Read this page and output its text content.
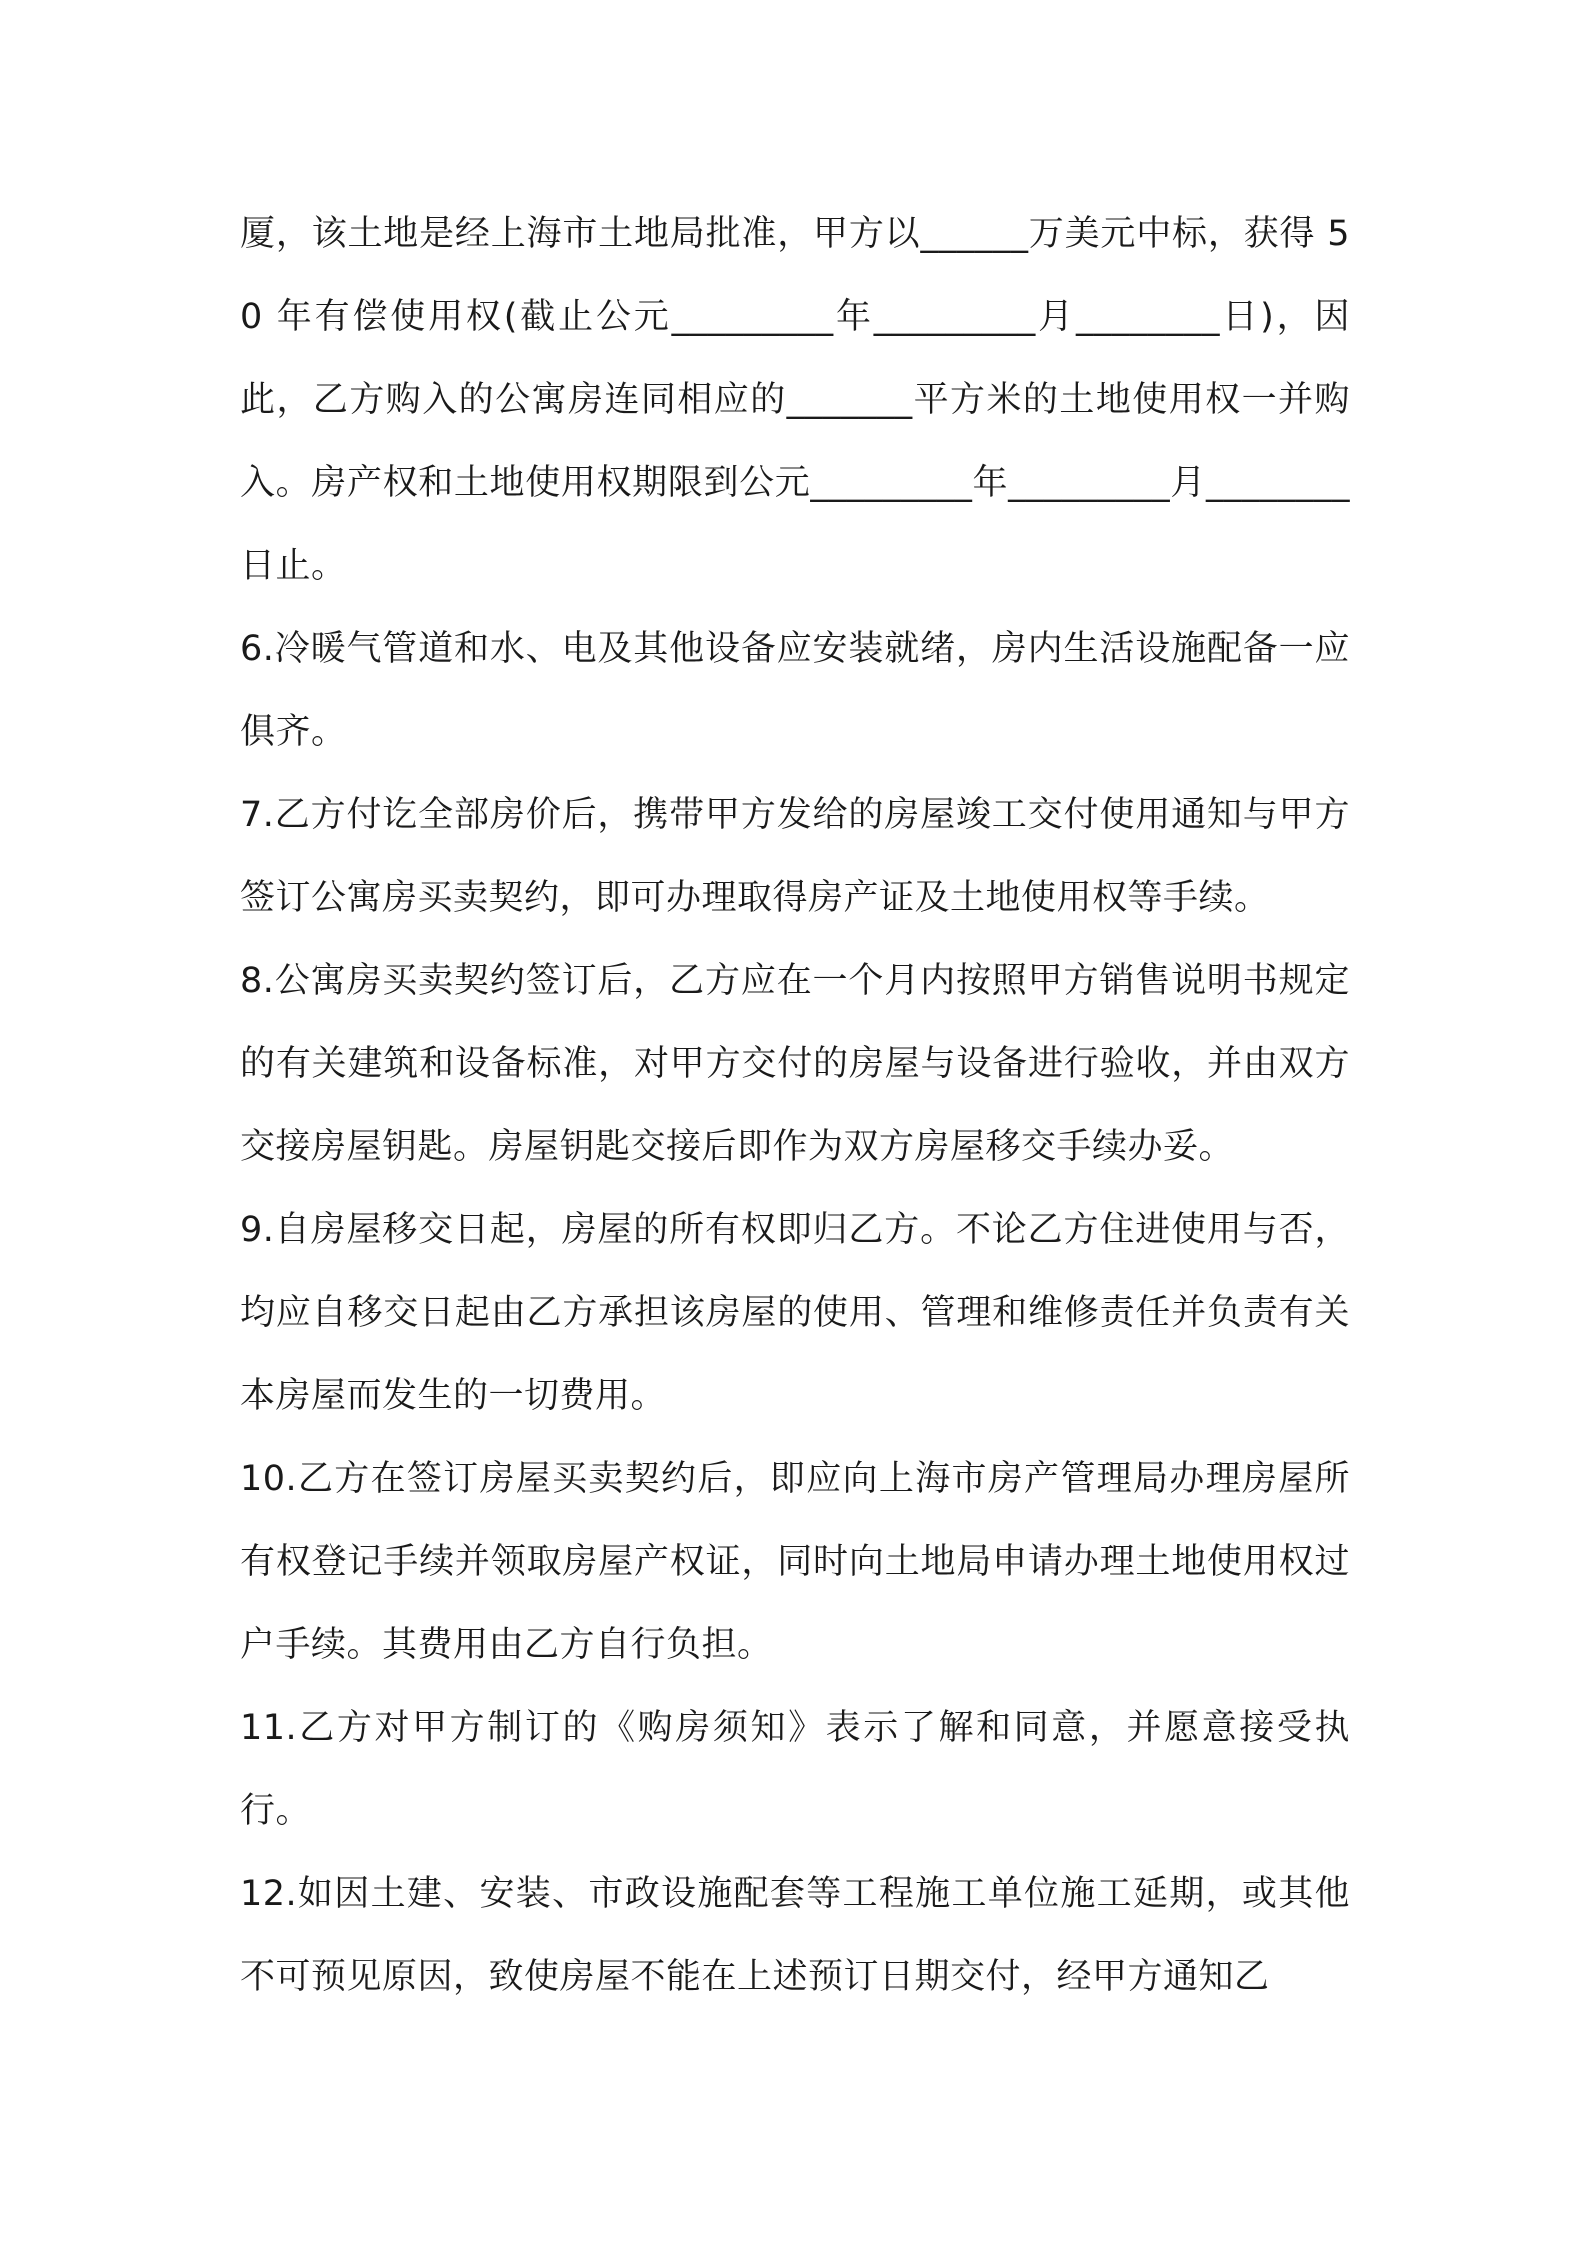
厦，该土地是经上海市土地局批准，甲方以______万美元中标，获得 50 年有偿使用权(截止公元_________年_________月________日)，因此，乙方购入的公寓房连同相应的_______平方米的土地使用权一并购入。房产权和土地使用权期限到公元_________年_________月________日止。

6.冷暖气管道和水、电及其他设备应安装就绪，房内生活设施配备一应俱齐。

7.乙方付讫全部房价后，携带甲方发给的房屋竣工交付使用通知与甲方签订公寓房买卖契约，即可办理取得房产证及土地使用权等手续。

8.公寓房买卖契约签订后，乙方应在一个月内按照甲方销售说明书规定的有关建筑和设备标准，对甲方交付的房屋与设备进行验收，并由双方交接房屋钥匙。房屋钥匙交接后即作为双方房屋移交手续办妥。

9.自房屋移交日起，房屋的所有权即归乙方。不论乙方住进使用与否，均应自移交日起由乙方承担该房屋的使用、管理和维修责任并负责有关本房屋而发生的一切费用。

10.乙方在签订房屋买卖契约后，即应向上海市房产管理局办理房屋所有权登记手续并领取房屋产权证，同时向土地局申请办理土地使用权过户手续。其费用由乙方自行负担。

11.乙方对甲方制订的《购房须知》表示了解和同意，并愿意接受执行。

12.如因土建、安装、市政设施配套等工程施工单位施工延期，或其他不可预见原因，致使房屋不能在上述预订日期交付，经甲方通知乙
